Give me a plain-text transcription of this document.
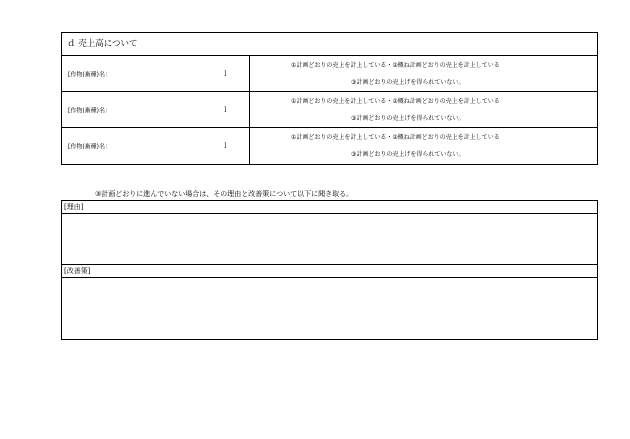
ｄ 売上高について
[作物(畜種)名：	]
①計画どおりの売上を計上している・②概ね計画どおりの売上を計上している
③計画どおりの売上げを得られていない。
[作物(畜種)名：	]
①計画どおりの売上を計上している・②概ね計画どおりの売上を計上している
③計画どおりの売上げを得られていない。
[作物(畜種)名：	]
①計画どおりの売上を計上している・②概ね計画どおりの売上を計上している
③計画どおりの売上げを得られていない。
③計画どおりに進んでいない場合は、その理由と改善策について以下に聞き取る。
[理由]
[改善策]
